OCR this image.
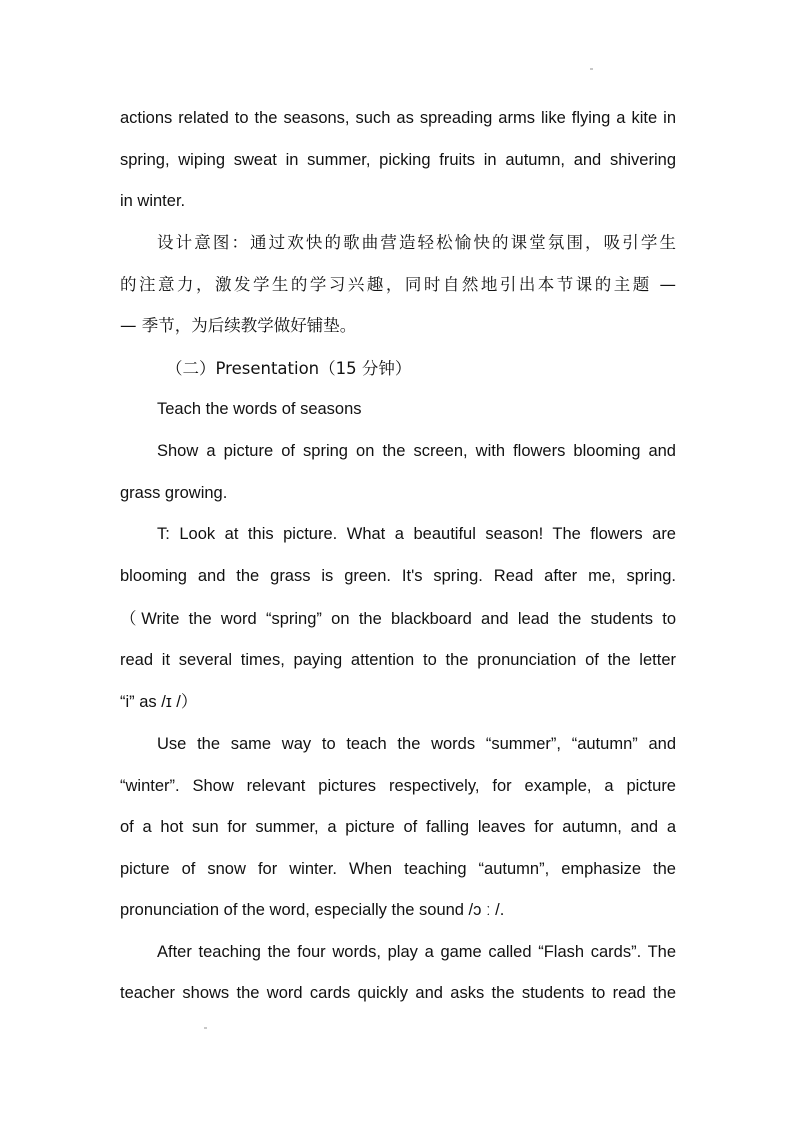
actions related to the seasons, such as spreading arms like flying a kite in
spring, wiping sweat in summer, picking fruits in autumn, and shivering
in winter.
设计意图：通过欢快的歌曲营造轻松愉快的课堂氛围，吸引学生
的注意力，激发学生的学习兴趣，同时自然地引出本节课的主题 —
— 季节，为后续教学做好铺垫。
（二）Presentation（15 分钟）
Teach the words of seasons
Show a picture of spring on the screen, with flowers blooming and
grass growing.
T: Look at this picture. What a beautiful season! The flowers are
blooming and the grass is green. It's spring. Read after me, spring.
（Write the word “spring” on the blackboard and lead the students to
read it several times, paying attention to the pronunciation of the letter
“i” as /ɪ /）
Use the same way to teach the words “summer”, “autumn” and
“winter”. Show relevant pictures respectively, for example, a picture
of a hot sun for summer, a picture of falling leaves for autumn, and a
picture of snow for winter. When teaching “autumn”, emphasize the
pronunciation of the word, especially the sound /ɔ ː /.
After teaching the four words, play a game called “Flash cards”. The
teacher shows the word cards quickly and asks the students to read the
